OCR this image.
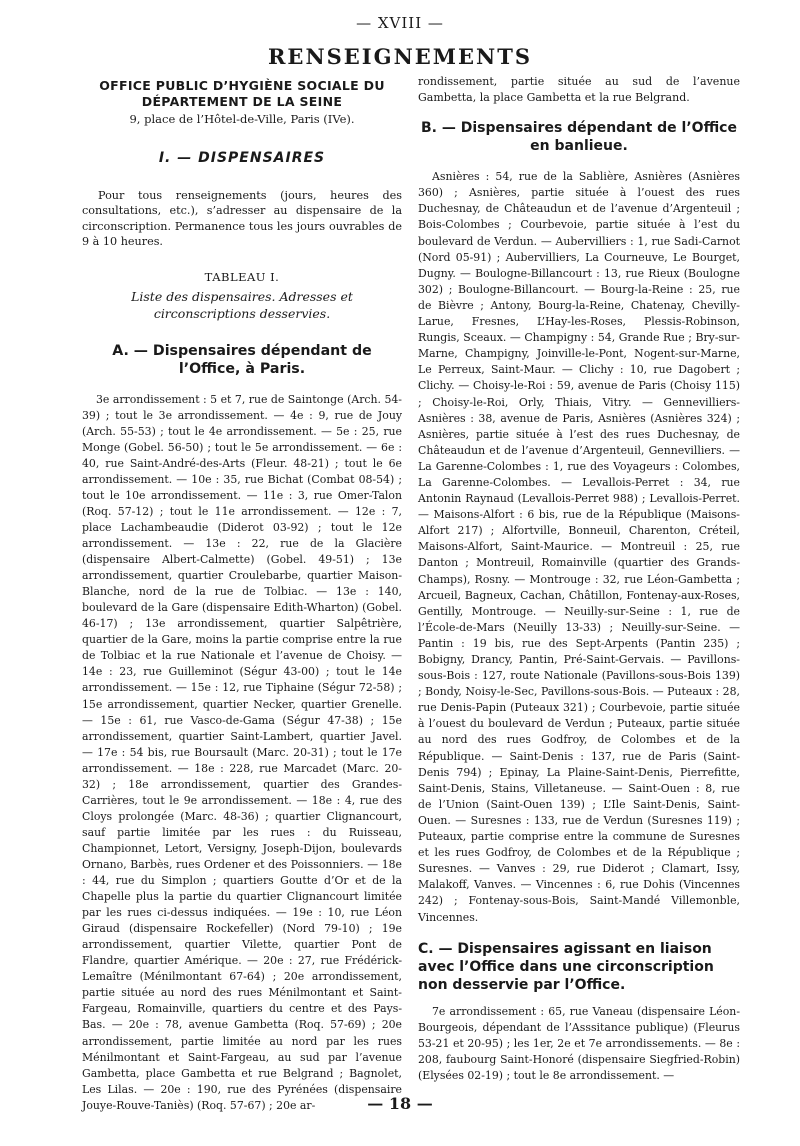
— XVIII —
RENSEIGNEMENTS
OFFICE PUBLIC D’HYGIÈNE SOCIALE DU
DÉPARTEMENT DE LA SEINE
9, place de l’Hôtel-de-Ville, Paris (IVe).
I. — DISPENSAIRES
Pour tous renseignements (jours, heures des consultations, etc.), s’adresser au dispensaire de la circonscription. Permanence tous les jours ouvrables de 9 à 10 heures.
TABLEAU I.
Liste des dispensaires. Adresses et circonscriptions desservies.
A. — Dispensaires dépendant de l’Office, à Paris.
3e arrondissement : 5 et 7, rue de Saintonge (Arch. 54-39) ; tout le 3e arrondissement. — 4e : 9, rue de Jouy (Arch. 55-53) ; tout le 4e arrondissement. — 5e : 25, rue Monge (Gobel. 56-50) ; tout le 5e arrondissement. — 6e : 40, rue Saint-André-des-Arts (Fleur. 48-21) ; tout le 6e arrondissement. — 10e : 35, rue Bichat (Combat 08-54) ; tout le 10e arrondissement. — 11e : 3, rue Omer-Talon (Roq. 57-12) ; tout le 11e arrondissement. — 12e : 7, place Lachambeaudie (Diderot 03-92) ; tout le 12e arrondissement. — 13e : 22, rue de la Glacière (dispensaire Albert-Calmette) (Gobel. 49-51) ; 13e arrondissement, quartier Croulebarbe, quartier Maison-Blanche, nord de la rue de Tolbiac. — 13e : 140, boulevard de la Gare (dispensaire Edith-Wharton) (Gobel. 46-17) ; 13e arrondissement, quartier Salpêtrière, quartier de la Gare, moins la partie comprise entre la rue de Tolbiac et la rue Nationale et l’avenue de Choisy. — 14e : 23, rue Guilleminot (Ségur 43-00) ; tout le 14e arrondissement. — 15e : 12, rue Tiphaine (Ségur 72-58) ; 15e arrondissement, quartier Necker, quartier Grenelle. — 15e : 61, rue Vasco-de-Gama (Ségur 47-38) ; 15e arrondissement, quartier Saint-Lambert, quartier Javel. — 17e : 54 bis, rue Boursault (Marc. 20-31) ; tout le 17e arrondissement. — 18e : 228, rue Marcadet (Marc. 20-32) ; 18e arrondissement, quartier des Grandes-Carrières, tout le 9e arrondissement. — 18e : 4, rue des Cloys prolongée (Marc. 48-36) ; quartier Clignancourt, sauf partie limitée par les rues : du Ruisseau, Championnet, Letort, Versigny, Joseph-Dijon, boulevards Ornano, Barbès, rues Ordener et des Poissonniers. — 18e : 44, rue du Simplon ; quartiers Goutte d’Or et de la Chapelle plus la partie du quartier Clignancourt limitée par les rues ci-dessus indiquées. — 19e : 10, rue Léon Giraud (dispensaire Rockefeller) (Nord 79-10) ; 19e arrondissement, quartier Vilette, quartier Pont de Flandre, quartier Amérique. — 20e : 27, rue Frédérick-Lemaître (Ménilmontant 67-64) ; 20e arrondissement, partie située au nord des rues Ménilmontant et Saint-Fargeau, Romainville, quartiers du centre et des Pays-Bas. — 20e : 78, avenue Gambetta (Roq. 57-69) ; 20e arrondissement, partie limitée au nord par les rues Ménilmontant et Saint-Fargeau, au sud par l’avenue Gambetta, place Gambetta et rue Belgrand ; Bagnolet, Les Lilas. — 20e : 190, rue des Pyrénées (dispensaire Jouye-Rouve-Taniès) (Roq. 57-67) ; 20e ar-
rondissement, partie située au sud de l’avenue Gambetta, la place Gambetta et la rue Belgrand.
B. — Dispensaires dépendant de l’Office en banlieue.
Asnières : 54, rue de la Sablière, Asnières (Asnières 360) ; Asnières, partie située à l’ouest des rues Duchesnay, de Châteaudun et de l’avenue d’Argenteuil ; Bois-Colombes ; Courbevoie, partie située à l’est du boulevard de Verdun. — Aubervilliers : 1, rue Sadi-Carnot (Nord 05-91) ; Aubervilliers, La Courneuve, Le Bourget, Dugny. — Boulogne-Billancourt : 13, rue Rieux (Boulogne 302) ; Boulogne-Billancourt. — Bourg-la-Reine : 25, rue de Bièvre ; Antony, Bourg-la-Reine, Chatenay, Chevilly-Larue, Fresnes, L’Hay-les-Roses, Plessis-Robinson, Rungis, Sceaux. — Champigny : 54, Grande Rue ; Bry-sur-Marne, Champigny, Joinville-le-Pont, Nogent-sur-Marne, Le Perreux, Saint-Maur. — Clichy : 10, rue Dagobert ; Clichy. — Choisy-le-Roi : 59, avenue de Paris (Choisy 115) ; Choisy-le-Roi, Orly, Thiais, Vitry. — Gennevilliers-Asnières : 38, avenue de Paris, Asnières (Asnières 324) ; Asnières, partie située à l’est des rues Duchesnay, de Châteaudun et de l’avenue d’Argenteuil, Gennevilliers. — La Garenne-Colombes : 1, rue des Voyageurs : Colombes, La Garenne-Colombes. — Levallois-Perret : 34, rue Antonin Raynaud (Levallois-Perret 988) ; Levallois-Perret. — Maisons-Alfort : 6 bis, rue de la République (Maisons-Alfort 217) ; Alfortville, Bonneuil, Charenton, Créteil, Maisons-Alfort, Saint-Maurice. — Montreuil : 25, rue Danton ; Montreuil, Romainville (quartier des Grands-Champs), Rosny. — Montrouge : 32, rue Léon-Gambetta ; Arcueil, Bagneux, Cachan, Châtillon, Fontenay-aux-Roses, Gentilly, Montrouge. — Neuilly-sur-Seine : 1, rue de l’École-de-Mars (Neuilly 13-33) ; Neuilly-sur-Seine. — Pantin : 19 bis, rue des Sept-Arpents (Pantin 235) ; Bobigny, Drancy, Pantin, Pré-Saint-Gervais. — Pavillons-sous-Bois : 127, route Nationale (Pavillons-sous-Bois 139) ; Bondy, Noisy-le-Sec, Pavillons-sous-Bois. — Puteaux : 28, rue Denis-Papin (Puteaux 321) ; Courbevoie, partie située à l’ouest du boulevard de Verdun ; Puteaux, partie située au nord des rues Godfroy, de Colombes et de la République. — Saint-Denis : 137, rue de Paris (Saint-Denis 794) ; Epinay, La Plaine-Saint-Denis, Pierrefitte, Saint-Denis, Stains, Villetaneuse. — Saint-Ouen : 8, rue de l’Union (Saint-Ouen 139) ; L’Ile Saint-Denis, Saint-Ouen. — Suresnes : 133, rue de Verdun (Suresnes 119) ; Puteaux, partie comprise entre la commune de Suresnes et les rues Godfroy, de Colombes et de la République ; Suresnes. — Vanves : 29, rue Diderot ; Clamart, Issy, Malakoff, Vanves. — Vincennes : 6, rue Dohis (Vincennes 242) ; Fontenay-sous-Bois, Saint-Mandé Villemonble, Vincennes.
C. — Dispensaires agissant en liaison avec l’Office dans une circonscription non desservie par l’Office.
7e arrondissement : 65, rue Vaneau (dispensaire Léon-Bourgeois, dépendant de l’Asssitance publique) (Fleurus 53-21 et 20-95) ; les 1er, 2e et 7e arrondissements. — 8e : 208, faubourg Saint-Honoré (dispensaire Siegfried-Robin) (Elysées 02-19) ; tout le 8e arrondissement. —
— 18 —
